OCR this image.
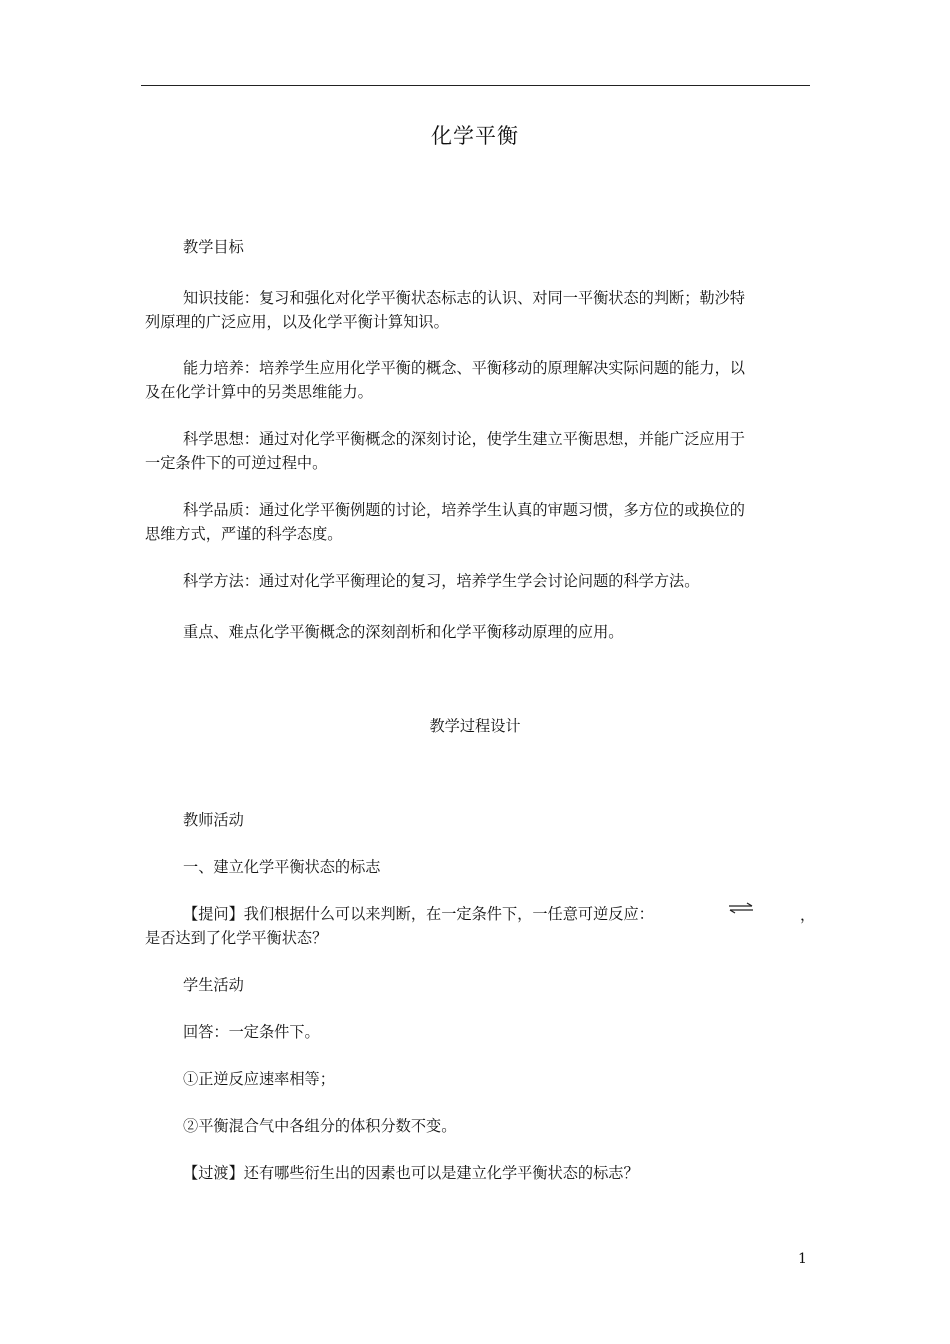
化学平衡
教学目标
知识技能：复习和强化对化学平衡状态标志的认识、对同一平衡状态的判断；勒沙特
列原理的广泛应用，以及化学平衡计算知识。
能力培养：培养学生应用化学平衡的概念、平衡移动的原理解决实际问题的能力，以
及在化学计算中的另类思维能力。
科学思想：通过对化学平衡概念的深刻讨论，使学生建立平衡思想，并能广泛应用于
一定条件下的可逆过程中。
科学品质：通过化学平衡例题的讨论，培养学生认真的审题习惯，多方位的或换位的
思维方式，严谨的科学态度。
科学方法：通过对化学平衡理论的复习，培养学生学会讨论问题的科学方法。
重点、难点化学平衡概念的深刻剖析和化学平衡移动原理的应用。
教学过程设计
教师活动
一、建立化学平衡状态的标志
【提问】我们根据什么可以来判断，在一定条件下，一任意可逆反应：	，
是否达到了化学平衡状态？
学生活动
回答：一定条件下。
①正逆反应速率相等；
②平衡混合气中各组分的体积分数不变。
【过渡】还有哪些衍生出的因素也可以是建立化学平衡状态的标志？
1
